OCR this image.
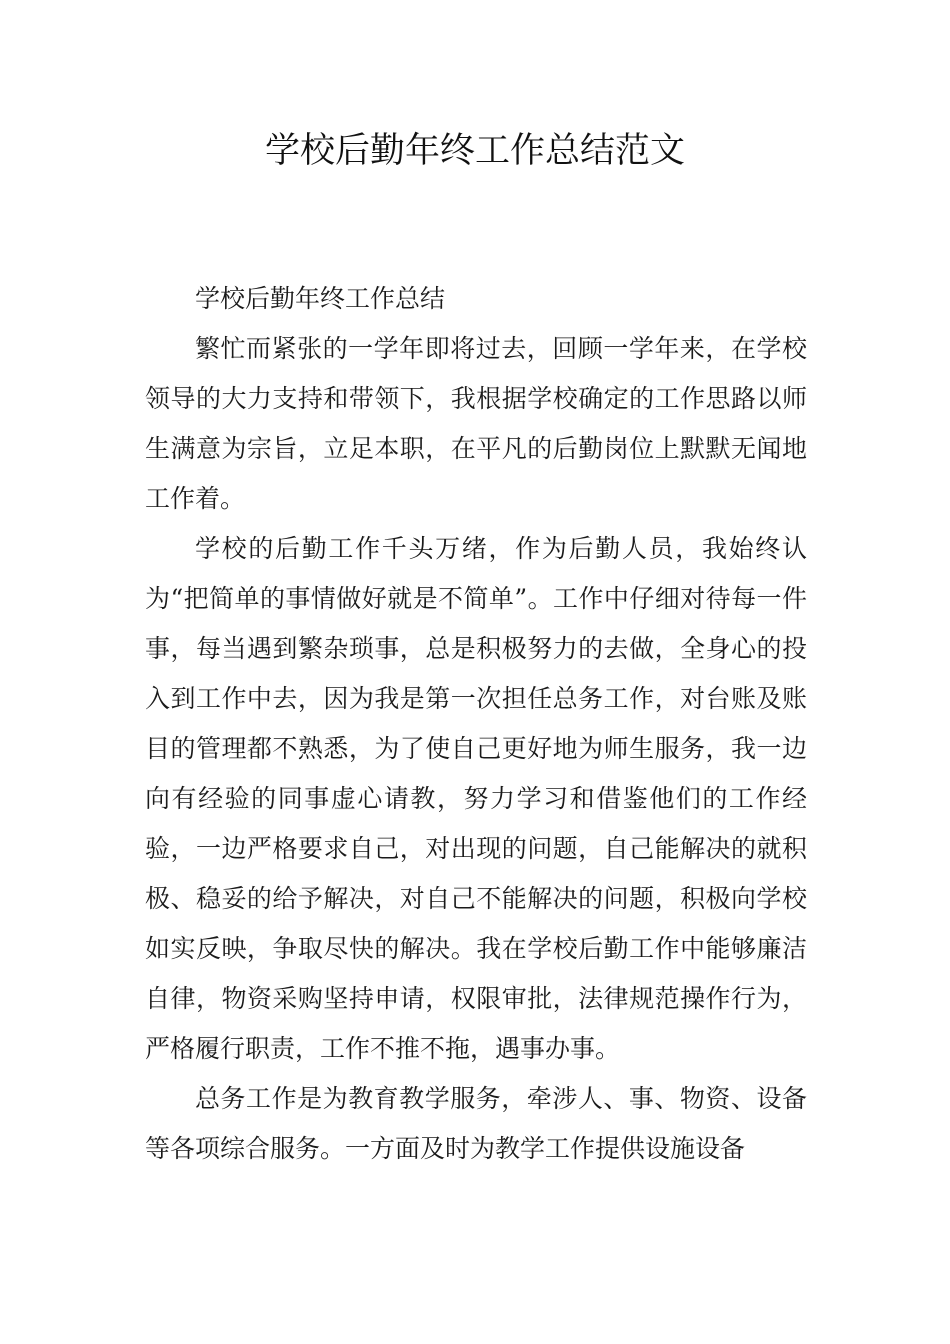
学校后勤年终工作总结范文

学校后勤年终工作总结

繁忙而紧张的一学年即将过去，回顾一学年来，在学校领导的大力支持和带领下，我根据学校确定的工作思路以师生满意为宗旨，立足本职，在平凡的后勤岗位上默默无闻地工作着。

学校的后勤工作千头万绪，作为后勤人员，我始终认为“把简单的事情做好就是不简单”。工作中仔细对待每一件事，每当遇到繁杂琐事，总是积极努力的去做，全身心的投入到工作中去，因为我是第一次担任总务工作，对台账及账目的管理都不熟悉，为了使自己更好地为师生服务，我一边向有经验的同事虚心请教，努力学习和借鉴他们的工作经验，一边严格要求自己，对出现的问题，自己能解决的就积极、稳妥的给予解决，对自己不能解决的问题，积极向学校如实反映，争取尽快的解决。我在学校后勤工作中能够廉洁自律，物资采购坚持申请，权限审批，法律规范操作行为，严格履行职责，工作不推不拖，遇事办事。

总务工作是为教育教学服务，牵涉人、事、物资、设备等各项综合服务。一方面及时为教学工作提供设施设备
